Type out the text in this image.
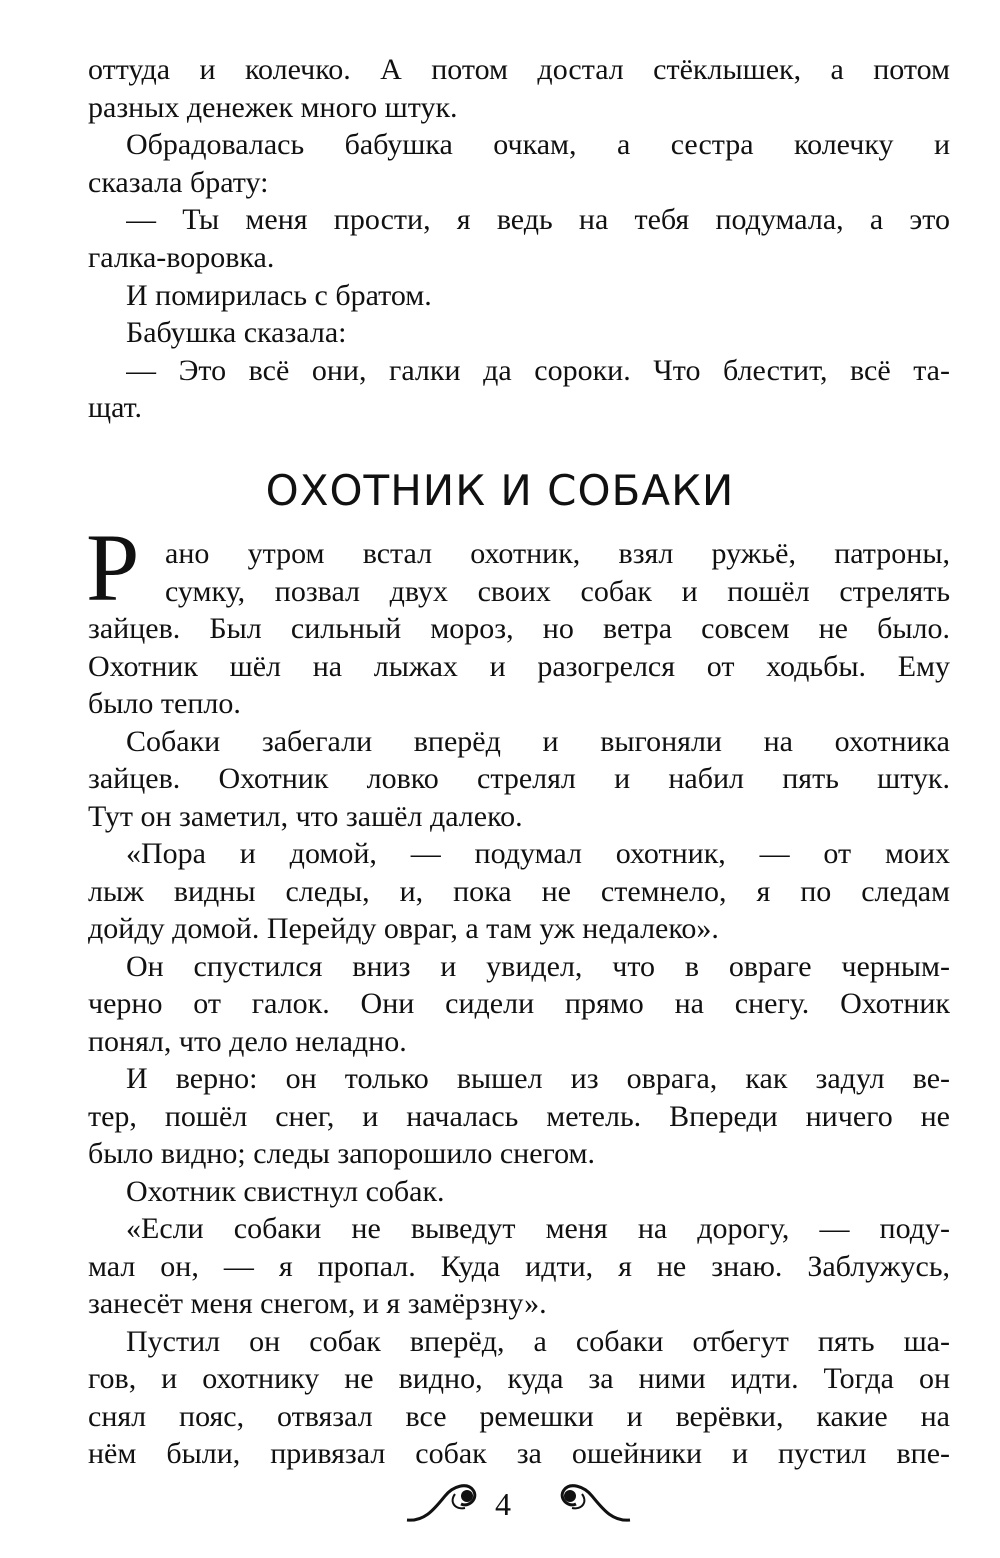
оттуда и колечко. А потом достал стёклышек, а потом
разных денежек много штук.
Обрадовалась бабушка очкам, а сестра колечку и
сказала брату:
— Ты меня прости, я ведь на тебя подумала, а это
галка-воровка.
И помирилась с братом.
Бабушка сказала:
— Это всё они, галки да сороки. Что блестит, всё та-
щат.
ОХОТНИК И СОБАКИ
Р ано утром встал охотник, взял ружьё, патроны,
сумку, позвал двух своих собак и пошёл стрелять
зайцев. Был сильный мороз, но ветра совсем не было.
Охотник шёл на лыжах и разогрелся от ходьбы. Ему
было тепло.
Собаки забегали вперёд и выгоняли на охотника
зайцев. Охотник ловко стрелял и набил пять штук.
Тут он заметил, что зашёл далеко.
«Пора и домой, — подумал охотник, — от моих
лыж видны следы, и, пока не стемнело, я по следам
дойду домой. Перейду овраг, а там уж недалеко».
Он спустился вниз и увидел, что в овраге черным-
черно от галок. Они сидели прямо на снегу. Охотник
понял, что дело неладно.
И верно: он только вышел из оврага, как задул ве-
тер, пошёл снег, и началась метель. Впереди ничего не
было видно; следы запорошило снегом.
Охотник свистнул собак.
«Если собаки не выведут меня на дорогу, — поду-
мал он, — я пропал. Куда идти, я не знаю. Заблужусь,
занесёт меня снегом, и я замёрзну».
Пустил он собак вперёд, а собаки отбегут пять ша-
гов, и охотнику не видно, куда за ними идти. Тогда он
снял пояс, отвязал все ремешки и верёвки, какие на
нём были, привязал собак за ошейники и пустил впе-
4
